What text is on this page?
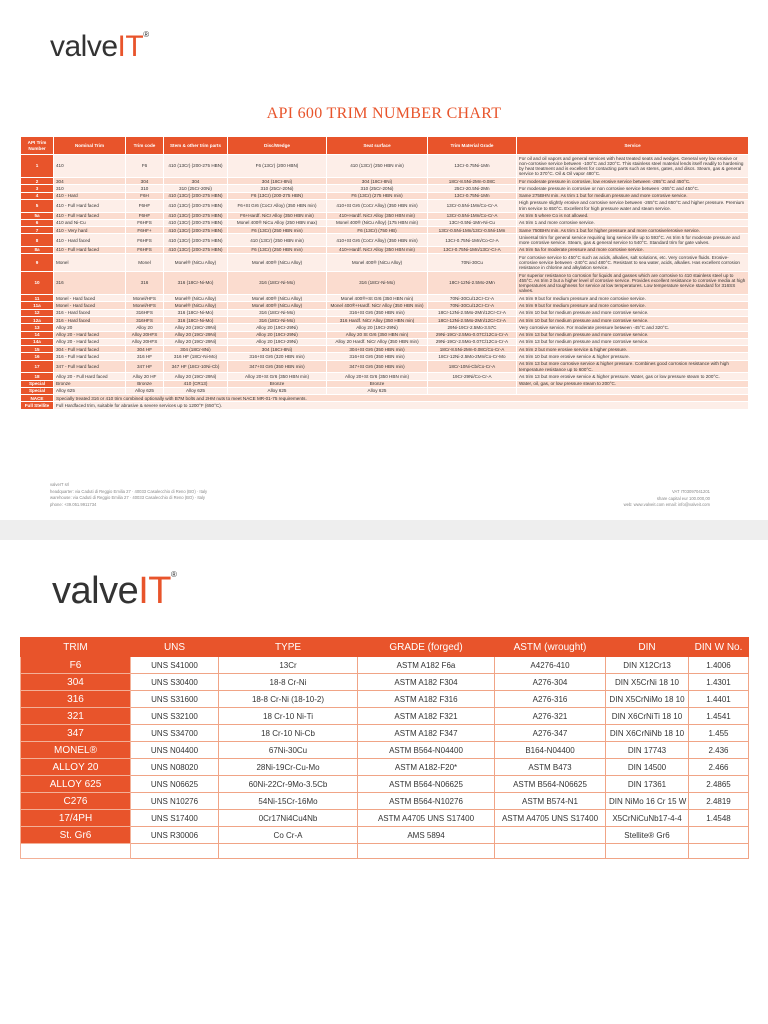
valveIT®
API 600 TRIM NUMBER CHART
API Trim Number	Nominal Trim	Trim code	Stem & other trim parts	Disc/Wedge	Seat surface	Trim Material Grade	Service
1	410	F6	410 (13Cr) (200-275 HBN)	F6 (13Cr) (200 HBN)	410 (13Cr) (250 HBN min)	13Cr-0.75Ni-1Mn	For oil and oil vapors and general services with heat treated seats and wedges. General very low erosive or non-corrosive service between -100°C and 320°C. This stainless steel material lends itself readily to hardening by heat treatment and is excellent for contacting parts such as stems, gates, and discs. Steam, gas & general service to 370°C. Oil & Oil vapor 480°C.
2	304	304	304	304 (18Cr-8Ni)	304 (18Cr-8Ni)	18Cr-8.5Ni-2Mn-0.08C	For moderate pressure in corrosive, low erosive service between -265°C and 450°C.
3	310	310	310 (25Cr-20Ni)	310 (25Cr-20Ni)	310 (25Cr-20Ni)	25Cr-20.5Ni-2Mn	For moderate pressure in corrosive or non corrosive service between -265°C and 450°C.
4	410 - Hard	F6H	410 (13Cr) (200-275 HBN)	F6 (13Cr) (200-275 HBN)	F6 (13Cr) (275 HBN min)	13Cr-0.75Ni-1Mn	Same 275BHN min. As trim 1 but for medium pressure and more corrosive service.
5	410 - Full Hard faced	F6HF	410 (13Cr) (200-275 HBN)	F6+St Gr6 (CoCr Alloy) (350 HBN min)	410+St Gr6 (CoCr Alloy) (350 HBN min)	13Cr-0.5Ni-1Mn/Co-Cr-A	High pressure slightly erosive and corrosive service between -265°C and 650°C and higher pressure. Premium trim service to 650°C. Excellent for high pressure water and steam service.
5a	410 - Full Hard faced	F6HF	410 (13Cr) (200-275 HBN)	F6+Hardf. NiCr Alloy (350 HBN min)	410+Hardf. NiCr Alloy (350 HBN min)	13Cr-0.5Ni-1Mn/Co-Cr-A	As trim 5 where Co is not allowed.
6	410 and Ni-Cu	F6HFS	410 (13Cr) (200-275 HBN)	Monel 400® NiCu Alloy (250 HBN max)	Monel 400® (NiCu Alloy) (175 HBN min)	13Cr-0.5Ni-1Mn-Ni-Cu	As trim 1 and more corrosive service.
7	410 - Very hard	F6HF+	410 (13Cr) (200-275 HBN)	F6 (13Cr) (250 HBN min)	F6 (13Cr) (750 HB)	13Cr-0.5Ni-1Mn/13Cr-0.5Ni-1Mn	Same 750BHN min. As trim 1 but for higher pressure and more corrosive/erosive service.
8	410 - Hard faced	F6HFS	410 (13Cr) (200-275 HBN)	410 (13Cr) (250 HBN min)	410+St Gr6 (CoCr Alloy) (350 HBN min)	13Cr-0.75Ni-1Mn/Co-Cr-A	Universal trim for general service requiring long service life up to 593°C. As trim 5 for moderate pressure and more corrosive service. Steam, gas & general service to 540°C. Standard trim for gate valves.
8a	410 - Full Hard faced	F6HFS	410 (13Cr) (200-275 HBN)	F6 (13Cr) (250 HBN min)	410+Hardf. NiCr Alloy (350 HBN min)	13Cr-0.75Ni-1Mn/13Cr-Cr-A	As trim 5a for moderate pressure and more corrosive service.
9	Monel	Monel	Monel® (NiCu Alloy)	Monel 400® (NiCu Alloy)	Monel 400® (NiCu Alloy)	70Ni-30Cu	For corrosive service to 450°C such as acids, alkalies, salt solutions, etc. Very corrosive fluids. Erosive-corrosive service between -240°C and 480°C. Resistant to sea water, acids, alkalies. Has excellent corrosion resistance in chlorine and alkylation service.
10	316	316	316 (18Cr-Ni-Mo)	316 (18Cr-Ni-Mo)	316 (18Cr-Ni-Mo)	18Cr-12Ni-2.5Mo-2Mn	For superior resistance to corrosion for liquids and gasses which are corrosive to 410 stainless steel up to 455°C. As trim 2 but a higher level of corrosive service. Provides excellent resistance to corrosive media at high temperatures and toughness for service at low temperatures. Low temperature service standard for 316SS valves.
11	Monel - Hard faced	Monel/HFS	Monel® (NiCu Alloy)	Monel 400® (NiCu Alloy)	Monel 400®+St Gr6 (350 HBN min)	70Ni-30Cu/12Cr-Cr-A	As trim 9 but for medium pressure and more corrosive service.
11a	Monel - Hard faced	Monel/HFS	Monel® (NiCu Alloy)	Monel 400® (NiCu Alloy)	Monel 400®+Hardf. NiCr Alloy (350 HBN min)	70Ni-30Cu/12Cr-Cr-A	As trim 9 but for medium pressure and more corrosive service.
12	316 - Hard faced	316HFS	316 (18Cr-Ni-Mo)	316 (18Cr-Ni-Mo)	316+St Gr6 (350 HBN min)	18Cr-12Ni-2.5Mo-2Mn/12Cr-Cr-A	As trim 10 but for medium pressure and more corrosive service.
12a	316 - Hard faced	316HFS	316 (18Cr-Ni-Mo)	316 (18Cr-Ni-Mo)	316 Hardf. NiCr Alloy (350 HBN min)	18Cr-12Ni-2.5Mo-2Mn/12Cr-Cr-A	As trim 10 but for medium pressure and more corrosive service.
13	Alloy 20	Alloy 20	Alloy 20 (19Cr-29Ni)	Alloy 20 (19Cr-29Ni)	Alloy 20 (19Cr-29Ni)	29Ni-19Cr-2.5Mo-3.57C	Very corrosive service. For moderate pressure between -45°C and 320°C.
14	Alloy 20 - Hard faced	Alloy 20HFS	Alloy 20 (19Cr-29Ni)	Alloy 20 (19Cr-29Ni)	Alloy 20 St Gr6 (350 HBN min)	29Ni-19Cr-2.5Mo-0.07C/12Co-Cr-A	As trim 13 but for medium pressure and more corrosive service.
14a	Alloy 20 - Hard faced	Alloy 20HFS	Alloy 20 (19Cr-29Ni)	Alloy 20 (19Cr-29Ni)	Alloy 20 Hardf. NiCr Alloy (350 HBN min)	29Ni-19Cr-2.5Mo-0.07C/12Co-Cr-A	As trim 13 but for medium pressure and more corrosive service.
15	304 - Full Hard faced	304 HF	304 (18Cr-8Ni)	304 (18Cr-8Ni)	304+St Gr6 (350 HBN min)	18Cr-8.5Ni-2Mn-0.08C/Co-Cr-A	As trim 2 but more erosive service & higher pressure.
16	316 - Full Hard faced	316 HF	316 HF (18Cr-Ni-Mo)	316+St Gr6 (320 HBN min)	316+St Gr6 (350 HBN min)	18Cr-12Ni-2.5Mo-2Mn/Co-Cr-Mo	As trim 10 but more erosive service & higher pressure.
17	347 - Full Hard faced	347 HF	347 HF (18Cr-10Ni-Cb)	347+St Gr6 (350 HBN min)	347+St Gr6 (350 HBN min)	18Cr-10Ni-Cb/Co-Cr-A	As trim 13 but more corrosive service & higher pressure. Combines good corrosion resistance with high temperature resistance up to 600°C.
18	Alloy 20 - Full Hard faced	Alloy 20 HF	Alloy 20 (19Cr-29Ni)	Alloy 20+St Gr6 (350 HBN min)	Alloy 20+St Gr6 (350 HBN min)	19Cr-29Ni/Co-Cr-A	As trim 13 but more erosive service & higher pressure. Water, gas or low pressure steam to 200°C.
Special	Bronze	Bronze	410 (CR13)	Bronze	Bronze		Water, oil, gas, or low pressure steam to 200°C.
Special	Alloy 625	Alloy 625	Alloy 625	Alloy 625	Alloy 625		
NACE	Specially treated 316 or 410 trim combined optionally with B7M bolts and 2HM nuts to meet NACE MR-01-75 requirements.						
Full Stellite	Full Hardfaced trim, suitable for abrasive & severe services up to 1200°F (650°C).						
valveIT srl
headquarter: via Caduti di Reggio Emilia 27 · 40033 Casalecchio di Reno (BO) · Italy
warehouse: via Caduti di Reggio Emilia 27 · 40033 Casalecchio di Reno (BO) · Italy
phone: +39.051.9911734
VAT IT03097041201
share capital eur 100.000,00
web: www.valveit.com email: info@valveit.com
valveIT®
TRIM	UNS	TYPE	GRADE (forged)	ASTM (wrought)	DIN	DIN W No.
F6	UNS S41000	13Cr	ASTM A182 F6a	A4276-410	DIN X12Cr13	1.4006
304	UNS S30400	18-8 Cr-Ni	ASTM A182 F304	A276-304	DIN X5CrNi 18 10	1.4301
316	UNS S31600	18-8 Cr-Ni (18-10-2)	ASTM A182 F316	A276-316	DIN X5CrNiMo 18 10	1.4401
321	UNS S32100	18 Cr-10 Ni-Ti	ASTM A182 F321	A276-321	DIN X6CrNiTi 18 10	1.4541
347	UNS S34700	18 Cr-10 Ni-Cb	ASTM A182 F347	A276-347	DIN X6CrNiNb 18 10	1.455
MONEL®	UNS N04400	67Ni-30Cu	ASTM B564-N04400	B164-N04400	DIN 17743	2.436
ALLOY 20	UNS N08020	28Ni-19Cr-Cu-Mo	ASTM A182-F20*	ASTM B473	DIN 14500	2.466
ALLOY 625	UNS N06625	60Ni-22Cr-9Mo-3.5Cb	ASTM B564-N06625	ASTM B564-N06625	DIN 17361	2.4865
C276	UNS N10276	54Ni-15Cr-16Mo	ASTM B564-N10276	ASTM B574-N1	DIN NiMo 16 Cr 15 W	2.4819
17/4PH	UNS S17400	0Cr17Ni4Cu4Nb	ASTM A4705 UNS S17400	ASTM A4705 UNS S17400	X5CrNiCuNb17-4-4	1.4548
St. Gr6	UNS R30006	Co Cr-A	AMS 5894		Stellite® Gr6	
